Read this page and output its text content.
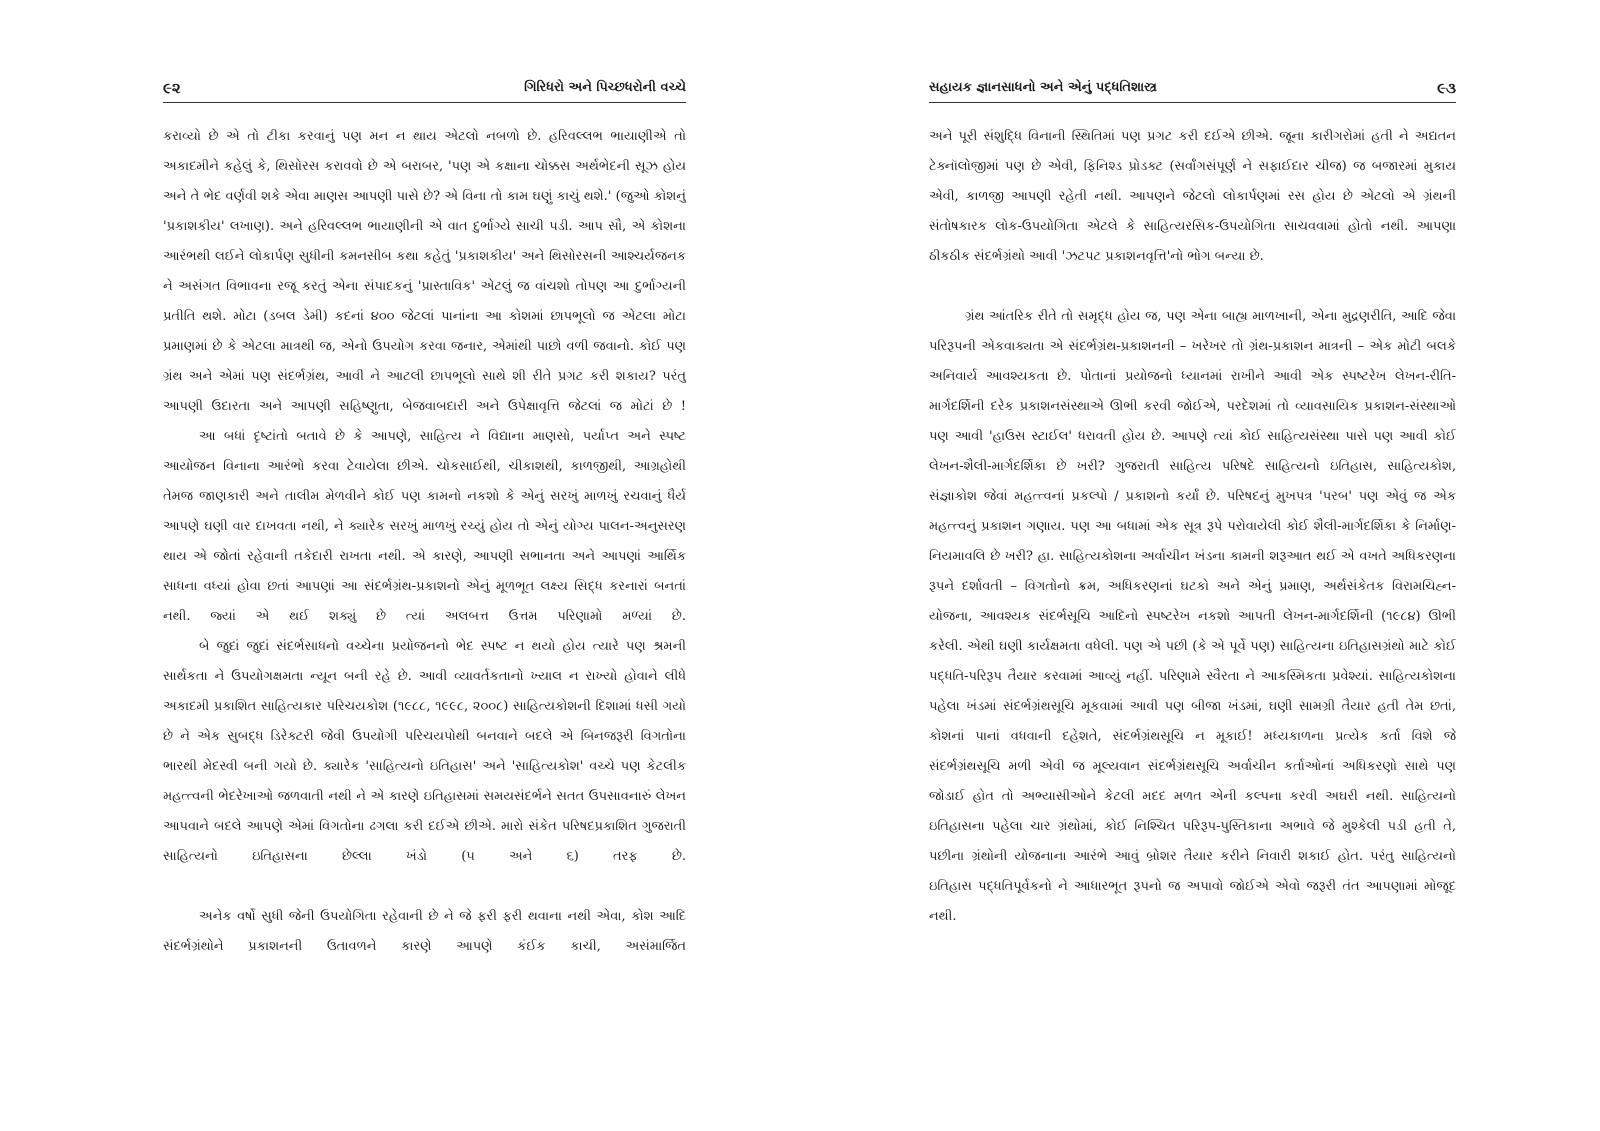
૯૨	ગિરિધરો અને પિચ્છધરોની વચ્ચે

કરાવ્યો છે એ તો ટીકા કરવાનું પણ મન ન થાય એટલો નબળો છે. હરિવલ્લભ ભાયાણીએ તો અકાદમીને કહેલું કે, થિસોરસ કરાવવો છે એ બરાબર, 'પણ એ કક્ષાના ચોક્કસ અર્થભેદની સૂઝ હોય અને તે ભેદ વર્ણવી શકે એવા માણસ આપણી પાસે છે? એ વિના તો કામ ઘણું કાચું થશે.' (જુઓ કોશનું 'પ્રકાશકીય' લખાણ). અને હરિવલ્લભ ભાયાણીની એ વાત દુર્ભાગ્યે સાચી પડી. આપ સૌ, એ કોશના આરંભથી લઈને લોકાર્પણ સુધીની કમનસીબ કથા કહેતું 'પ્રકાશકીય' અને થિસોરસની આશ્ચર્યજનક ને અસંગત વિભાવના રજૂ કરતું એના સંપાદકનું 'પ્રાસ્તાવિક' એટલું જ વાંચશો તોપણ આ દુર્ભાગ્યની પ્રતીતિ થશે. મોટા (ડબલ ડેમી) કદનાં ૪૦૦ જેટલાં પાનાંના આ કોશમાં છાપભૂલો જ એટલા મોટા પ્રમાણમાં છે કે એટલા માત્રથી જ, એનો ઉપયોગ કરવા જનાર, એમાંથી પાછો વળી જવાનો. કોઈ પણ ગ્રંથ અને એમાં પણ સંદર્ભગ્રંથ, આવી ને આટલી છાપભૂલો સાથે શી રીતે પ્રગટ કરી શકાય? પરંતુ આપણી ઉદારતા અને આપણી સહિષ્ણુતા, બેજવાબદારી અને ઉપેક્ષાવૃત્તિ જેટલાં જ મોટાં છે !

આ બધાં દૃષ્ટાંતો બતાવે છે કે આપણે, સાહિત્ય ને વિદ્યાના માણસો, પર્યાપ્ત અને સ્પષ્ટ આયોજન વિનાના આરંભો કરવા ટેવાયેલા છીએ. ચોકસાઈથી, ચીકાશથી, કાળજીથી, આગ્રહોથી તેમજ જાણકારી અને તાલીમ મેળવીને કોઈ પણ કામનો નકશો કે એનું સરખું માળખું રચવાનું ધૈર્ય આપણે ઘણી વાર દાખવતા નથી, ને ક્યારેક સરખું માળખું રચ્યું હોય તો એનું યોગ્ય પાલન-અનુસરણ થાય એ જોતાં રહેવાની તકેદારી રાખતા નથી. એ કારણે, આપણી સભાનતા અને આપણાં આર્થિક સાધના વધ્યાં હોવા છતાં આપણાં આ સંદર્ભગ્રંથ-પ્રકાશનો એનું મૂળભૂત લક્ષ્ય સિદ્ધ કરનારાં બનતાં નથી. જ્યાં એ થઈ શક્યું છે ત્યાં અલબત્ત ઉત્તમ પરિણામો મળ્યાં છે.

બે જુદાં જુદાં સંદર્ભસાધનો વચ્ચેના પ્રયોજનનો ભેદ સ્પષ્ટ ન થયો હોય ત્યારે પણ શ્રમની સાર્થકતા ને ઉપયોગક્ષમતા ન્યૂન બની રહે છે. આવી વ્યાવર્તકતાનો ખ્યાલ ન રાખ્યો હોવાને લીધે અકાદમી પ્રકાશિત સાહિત્યકાર પરિચયકોશ (૧૯૮૮, ૧૯૯૮, ૨૦૦૮) સાહિત્યકોશની દિશામાં ધસી ગયો છે ને એક સુબદ્ધ ડિરેક્ટરી જેવી ઉપયોગી પરિચયપોથી બનવાને બદલે એ બિનજરૂરી વિગતોના ભારથી મેદસ્વી બની ગયો છે. ક્યારેક 'સાહિત્યનો ઇતિહાસ' અને 'સાહિત્યકોશ' વચ્ચે પણ કેટલીક મહત્ત્વની ભેદરેખાઓ જળવાતી નથી ને એ કારણે ઇતિહાસમાં સમયસંદર્ભને સતત ઉપસાવનારું લેખન આપવાને બદલે આપણે એમાં વિગતોના ઢગલા કરી દઈએ છીએ. મારો સંકેત પરિષદપ્રકાશિત ગુજરાતી સાહિત્યનો ઇતિહાસના છેલ્લા ખંડો (૫ અને ૬) તરફ છે.

અનેક વર્ષો સુધી જેની ઉપયોગિતા રહેવાની છે ને જે ફરી ફરી થવાના નથી એવા, કોશ આદિ સંદર્ભગ્રંથોને પ્રકાશનની ઉતાવળને કારણે આપણે કંઈક કાચી, અસંમાર્જિત

સહાયક જ્ઞાનસાધનો અને એનું પદ્ધતિશાસ્ત્ર	૯૩

અને પૂરી સંશુદ્ધિ વિનાની સ્થિતિમાં પણ પ્રગટ કરી દઈએ છીએ. જૂના કારીગરોમાં હતી ને અદ્યતન ટેક્નૉલોજીમાં પણ છે એવી, ફિનિશ્ડ પ્રોડક્ટ (સર્વાંગસંપૂર્ણ ને સફાઈદાર ચીજ) જ બજારમાં મુકાય એવી, કાળજી આપણી રહેતી નથી. આપણને જેટલો લોકાર્પણમાં રસ હોય છે એટલો એ ગ્રંથની સંતોષકારક લોક-ઉપયોગિતા એટલે કે સાહિત્યરસિક-ઉપયોગિતા સાચવવામાં હોતો નથી. આપણા ઠીકઠીક સંદર્ભગ્રંથો આવી 'ઝટપટ પ્રકાશનવૃત્તિ'નો ભોગ બન્યા છે.

ગ્રંથ આંતરિક રીતે તો સમૃદ્ધ હોય જ, પણ એના બાહ્ય માળખાની, એના મુદ્રણરીતિ, આદિ જેવા પરિરૂપની એકવાક્યતા એ સંદર્ભગ્રંથ-પ્રકાશનની – ખરેખર તો ગ્રંથ-પ્રકાશન માત્રની – એક મોટી બલકે અનિવાર્ય આવશ્યકતા છે. પોતાનાં પ્રયોજનો ધ્યાનમાં રાખીને આવી એક સ્પષ્ટરેખ લેખન-રીતિ-માર્ગદર્શિની દરેક પ્રકાશનસંસ્થાએ ઊભી કરવી જોઈએ, પરદેશમાં તો વ્યાવસાયિક પ્રકાશન-સંસ્થાઓ પણ આવી 'હાઉસ સ્ટાઈલ' ધરાવતી હોય છે. આપણે ત્યાં કોઈ સાહિત્યસંસ્થા પાસે પણ આવી કોઈ લેખન-શૈલી-માર્ગદર્શિકા છે ખરી? ગુજરાતી સાહિત્ય પરિષદે સાહિત્યનો ઇતિહાસ, સાહિત્યકોશ, સંજ્ઞાકોશ જેવાં મહત્ત્વનાં પ્રકલ્પો / પ્રકાશનો કર્યાં છે. પરિષદનું મુખપત્ર 'પરબ' પણ એવું જ એક મહત્ત્વનું પ્રકાશન ગણાય. પણ આ બધામાં એક સૂત્ર રૂપે પરોવાયેલી કોઈ શૈલી-માર્ગદર્શિકા કે નિર્માણ-નિયમાવલિ છે ખરી? હા. સાહિત્યકોશના અર્વાચીન ખંડના કામની શરૂઆત થઈ એ વખતે અધિકરણના રૂપને દર્શાવતી – વિગતોનો ક્રમ, અધિકરણનાં ઘટકો અને એનું પ્રમાણ, અર્થસંકેતક વિરામચિહ્ન-યોજના, આવશ્યક સંદર્ભસૂચિ આદિનો સ્પષ્ટરેખ નકશો આપતી લેખન-માર્ગદર્શિની (૧૯૮૪) ઊભી કરેલી. એથી ઘણી કાર્યક્ષમતા વધેલી. પણ એ પછી (કે એ પૂર્વે પણ) સાહિત્યના ઇતિહાસગ્રંથો માટે કોઈ પદ્ધતિ-પરિરૂપ તૈયાર કરવામાં આવ્યું નહીં. પરિણામે સ્વૈરતા ને આકસ્મિકતા પ્રવેશ્યાં. સાહિત્યકોશના પહેલા ખંડમાં સંદર્ભગ્રંથસૂચિ મૂકવામાં આવી પણ બીજા ખંડમાં, ઘણી સામગ્રી તૈયાર હતી તેમ છતાં, કોશનાં પાનાં વધવાની દહેશતે, સંદર્ભગ્રંથસૂચિ ન મૂકાઈ! મધ્યકાળના પ્રત્યેક કર્તા વિશે જે સંદર્ભગ્રંથસૂચિ મળી એવી જ મૂલ્યવાન સંદર્ભગ્રંથસૂચિ અર્વાચીન કર્તાઓનાં અધિકરણો સાથે પણ જોડાઈ હોત તો અભ્યાસીઓને કેટલી મદદ મળત એની કલ્પના કરવી અઘરી નથી. સાહિત્યનો ઇતિહાસના પહેલા ચાર ગ્રંથોમાં, કોઈ નિશ્ચિત પરિરૂપ-પુસ્તિકાના અભાવે જે મુશ્કેલી પડી હતી તે, પછીના ગ્રંથોની યોજનાના આરંભે આવું બ્રોશર તૈયાર કરીને નિવારી શકાઈ હોત. પરંતુ સાહિત્યનો ઇતિહાસ પદ્ધતિપૂર્વકનો ને આધારભૂત રૂપનો જ અપાવો જોઈએ એવો જરૂરી તંત આપણામાં મોજૂદ નથી.
